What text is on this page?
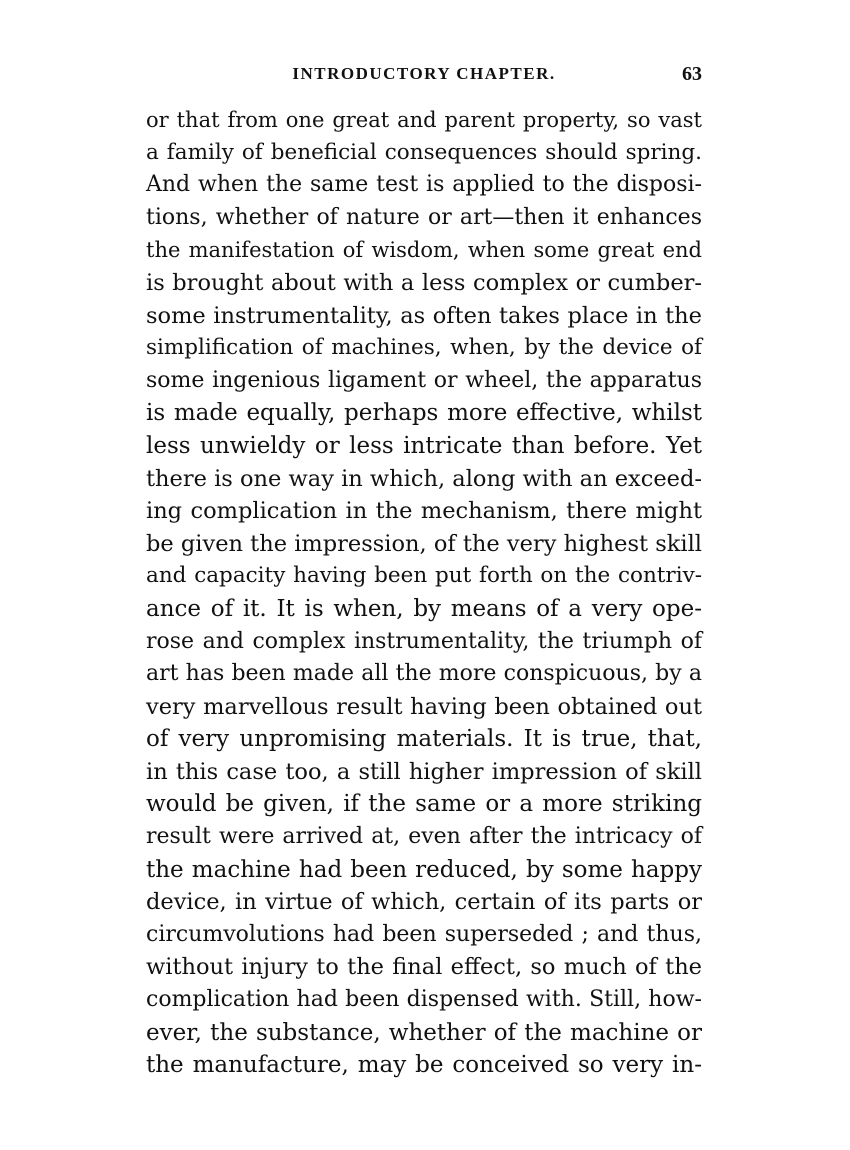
INTRODUCTORY CHAPTER.	63
or that from one great and parent property, so vast
a family of beneficial consequences should spring.
And when the same test is applied to the disposi-
tions, whether of nature or art—then it enhances
the manifestation of wisdom, when some great end
is brought about with a less complex or cumber-
some instrumentality, as often takes place in the
simplification of machines, when, by the device of
some ingenious ligament or wheel, the apparatus
is made equally, perhaps more effective, whilst
less unwieldy or less intricate than before. Yet
there is one way in which, along with an exceed-
ing complication in the mechanism, there might
be given the impression, of the very highest skill
and capacity having been put forth on the contriv-
ance of it. It is when, by means of a very ope-
rose and complex instrumentality, the triumph of
art has been made all the more conspicuous, by a
very marvellous result having been obtained out
of very unpromising materials. It is true, that,
in this case too, a still higher impression of skill
would be given, if the same or a more striking
result were arrived at, even after the intricacy of
the machine had been reduced, by some happy
device, in virtue of which, certain of its parts or
circumvolutions had been superseded ; and thus,
without injury to the final effect, so much of the
complication had been dispensed with. Still, how-
ever, the substance, whether of the machine or
the manufacture, may be conceived so very in-
